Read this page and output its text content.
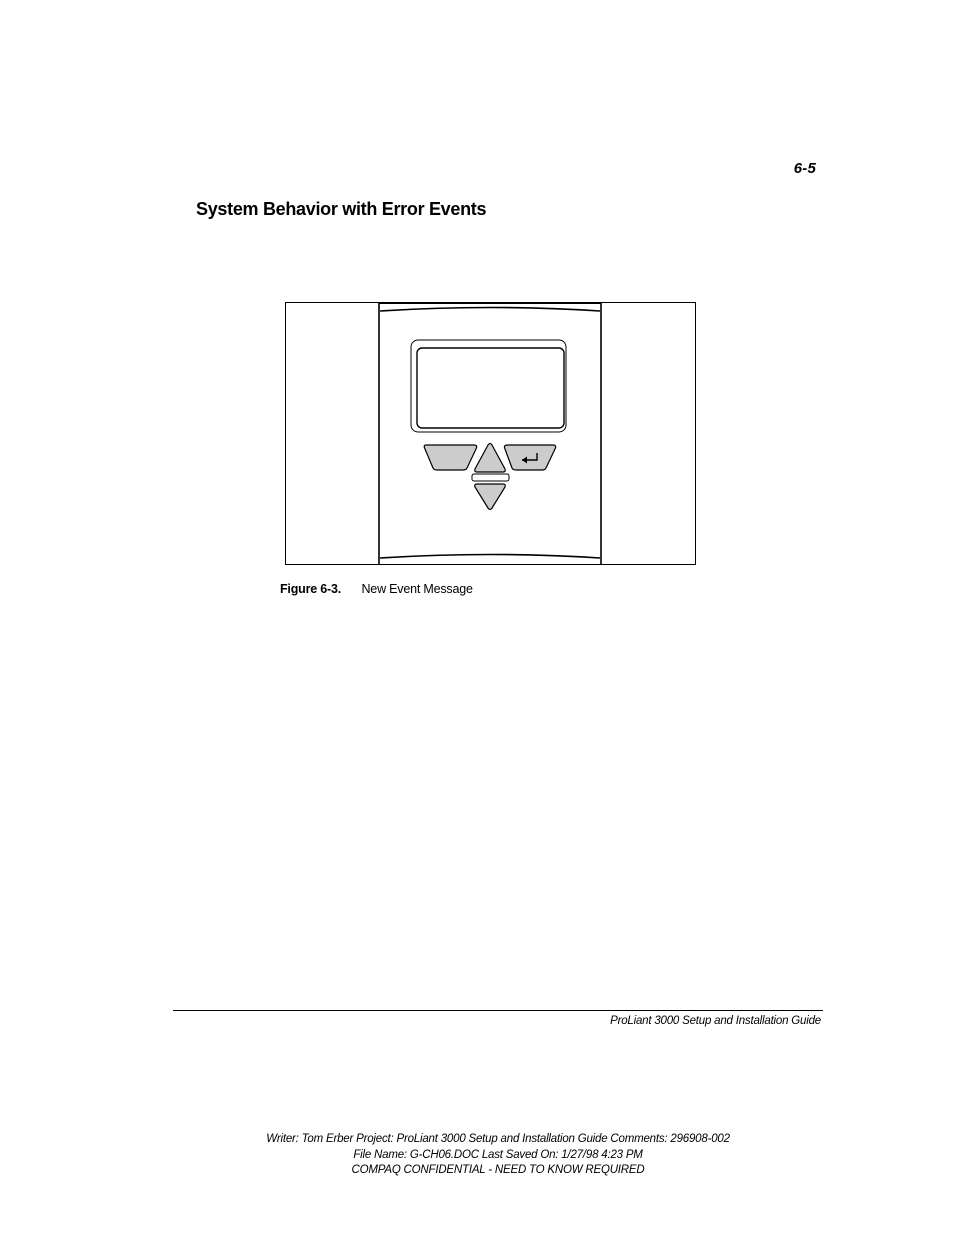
6-5
System Behavior with Error Events
Figure 6-3. New Event Message
ProLiant 3000 Setup and Installation Guide
Writer: Tom Erber Project: ProLiant 3000 Setup and Installation Guide Comments: 296908-002
File Name: G-CH06.DOC Last Saved On: 1/27/98 4:23 PM
COMPAQ CONFIDENTIAL - NEED TO KNOW REQUIRED
